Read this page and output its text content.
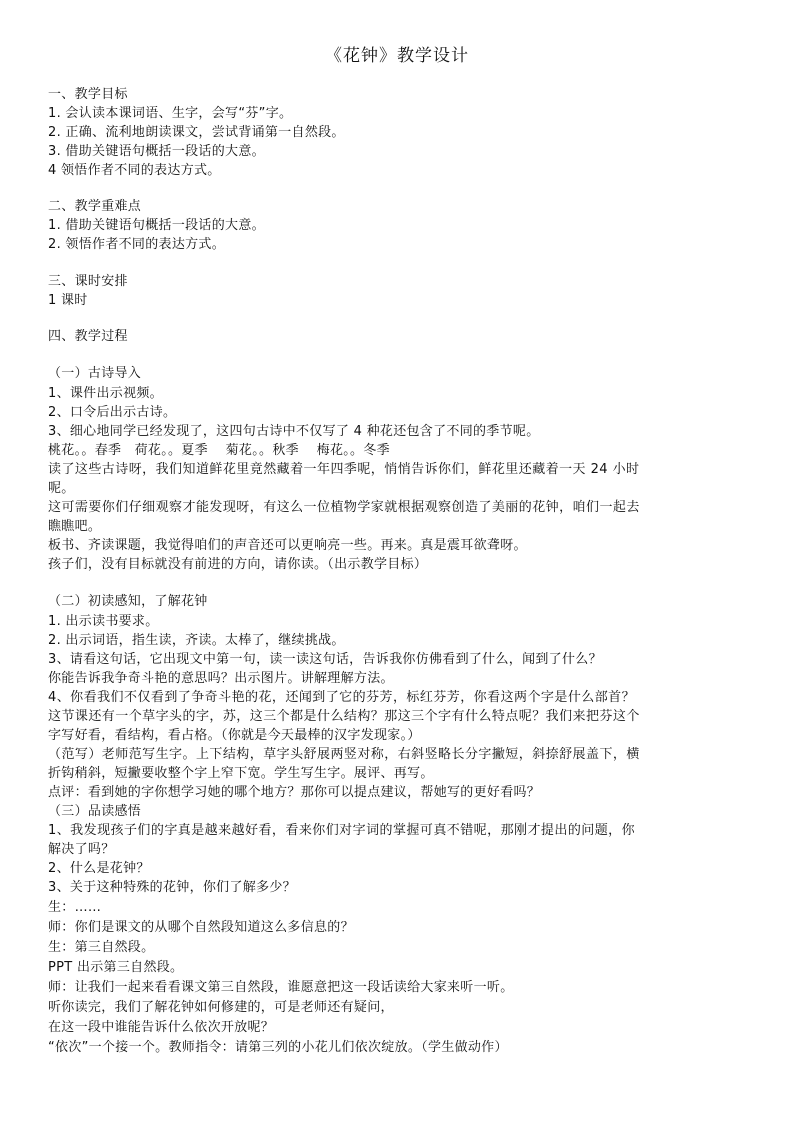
《花钟》教学设计
一、教学目标
1. 会认读本课词语、生字，会写“芬”字。
2. 正确、流利地朗读课文，尝试背诵第一自然段。
3. 借助关键语句概括一段话的大意。
4 领悟作者不同的表达方式。
二、教学重难点
1. 借助关键语句概括一段话的大意。
2. 领悟作者不同的表达方式。
三、课时安排
1 课时
四、教学过程
（一）古诗导入
1、课件出示视频。
2、口令后出示古诗。
3、细心地同学已经发现了，这四句古诗中不仅写了 4 种花还包含了不同的季节呢。
桃花。。春季   荷花。。夏季    菊花。。秋季    梅花。。冬季
读了这些古诗呀，我们知道鲜花里竟然藏着一年四季呢，悄悄告诉你们，鲜花里还藏着一天 24 小时
呢。
这可需要你们仔细观察才能发现呀，有这么一位植物学家就根据观察创造了美丽的花钟，咱们一起去
瞧瞧吧。
板书、齐读课题，我觉得咱们的声音还可以更响亮一些。再来。真是震耳欲聋呀。
孩子们，没有目标就没有前进的方向，请你读。（出示教学目标）
（二）初读感知，了解花钟
1. 出示读书要求。
2. 出示词语，指生读，齐读。太棒了，继续挑战。
3、请看这句话，它出现文中第一句，读一读这句话，告诉我你仿佛看到了什么，闻到了什么？
你能告诉我争奇斗艳的意思吗？出示图片。讲解理解方法。
4、你看我们不仅看到了争奇斗艳的花，还闻到了它的芬芳，标红芬芳，你看这两个字是什么部首？
这节课还有一个草字头的字，苏，这三个都是什么结构？那这三个字有什么特点呢？我们来把芬这个
字写好看，看结构，看占格。（你就是今天最棒的汉字发现家。）
（范写）老师范写生字。上下结构，草字头舒展两竖对称，右斜竖略长分字撇短，斜捺舒展盖下，横
折钩稍斜，短撇要收整个字上窄下宽。学生写生字。展评、再写。
点评：看到她的字你想学习她的哪个地方？那你可以提点建议，帮她写的更好看吗？
（三）品读感悟
1、我发现孩子们的字真是越来越好看，看来你们对字词的掌握可真不错呢，那刚才提出的问题，你
解决了吗？
2、什么是花钟？
3、关于这种特殊的花钟，你们了解多少？
生：……
师：你们是课文的从哪个自然段知道这么多信息的？
生：第三自然段。
PPT 出示第三自然段。
师：让我们一起来看看课文第三自然段，谁愿意把这一段话读给大家来听一听。
听你读完，我们了解花钟如何修建的，可是老师还有疑问，
在这一段中谁能告诉什么依次开放呢？
“依次”一个接一个。教师指令：请第三列的小花儿们依次绽放。（学生做动作）
